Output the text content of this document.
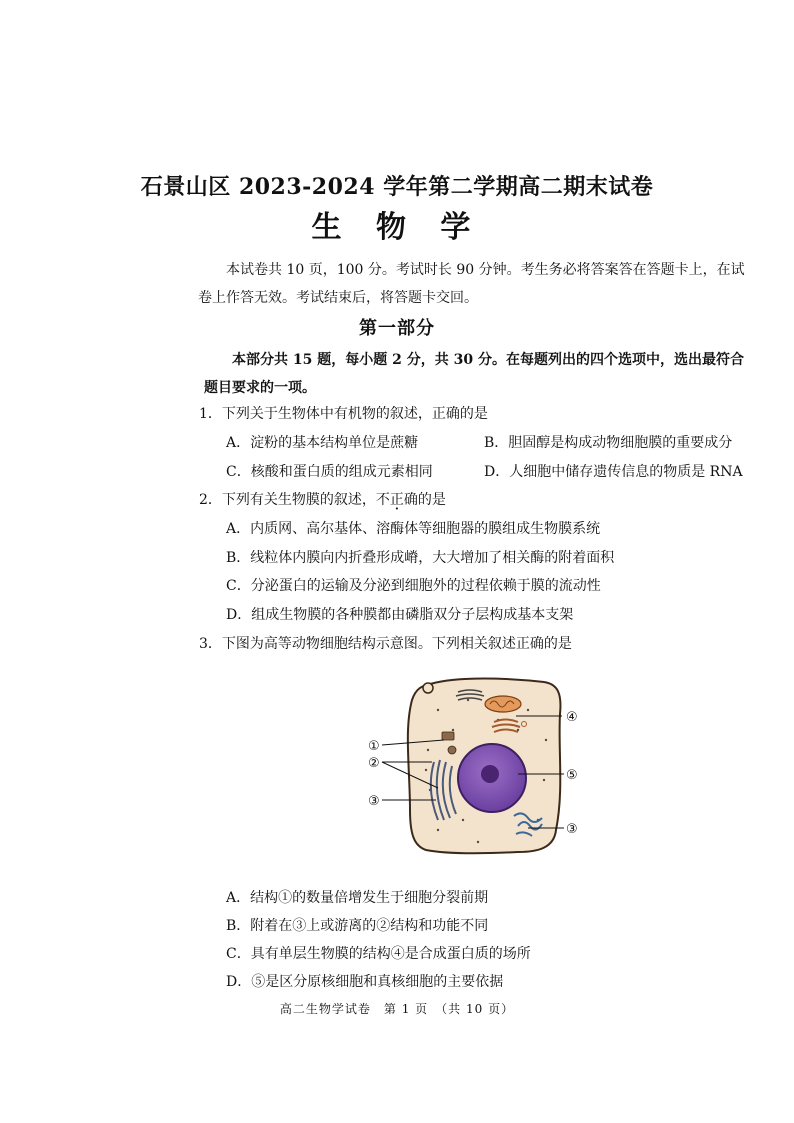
石景山区 2023-2024 学年第二学期高二期末试卷
生 物 学
本试卷共 10 页，100 分。考试时长 90 分钟。考生务必将答案答在答题卡上，在试卷上作答无效。考试结束后，将答题卡交回。
第一部分
本部分共 15 题，每小题 2 分，共 30 分。在每题列出的四个选项中，选出最符合题目要求的一项。
1．下列关于生物体中有机物的叙述，正确的是
A．淀粉的基本结构单位是蔗糖	B．胆固醇是构成动物细胞膜的重要成分
C．核酸和蛋白质的组成元素相同	D．人细胞中储存遗传信息的物质是 RNA
2．下列有关生物膜的叙述，不正确的是
A．内质网、高尔基体、溶酶体等细胞器的膜组成生物膜系统
B．线粒体内膜向内折叠形成嵴，大大增加了相关酶的附着面积
C．分泌蛋白的运输及分泌到细胞外的过程依赖于膜的流动性
D．组成生物膜的各种膜都由磷脂双分子层构成基本支架
3．下图为高等动物细胞结构示意图。下列相关叙述正确的是
①
②
③
④
⑤
③
A．结构①的数量倍增发生于细胞分裂前期
B．附着在③上或游离的②结构和功能不同
C．具有单层生物膜的结构④是合成蛋白质的场所
D．⑤是区分原核细胞和真核细胞的主要依据
高二生物学试卷　第 1 页　（共 10 页）
